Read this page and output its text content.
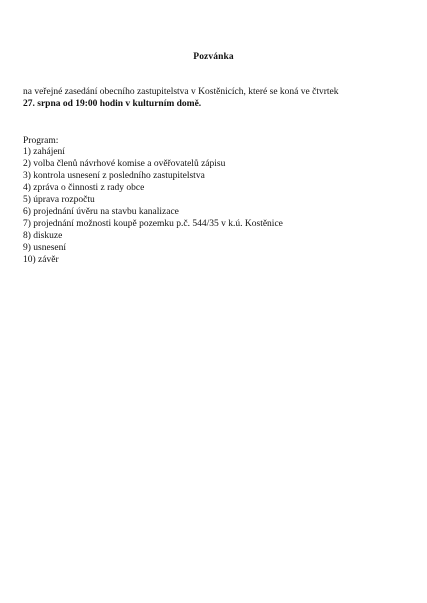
Pozvánka
na veřejné zasedání obecního zastupitelstva v Kostěnicích, které se koná ve čtvrtek
27. srpna od 19:00 hodin v kulturním domě.
Program:
1) zahájení
2) volba členů návrhové komise a ověřovatelů zápisu
3) kontrola usnesení z posledního zastupitelstva
4) zpráva o činnosti z rady obce
5) úprava rozpočtu
6) projednání úvěru na stavbu kanalizace
7) projednání možnosti koupě pozemku p.č. 544/35 v k.ú. Kostěnice
8) diskuze
9) usnesení
10) závěr
